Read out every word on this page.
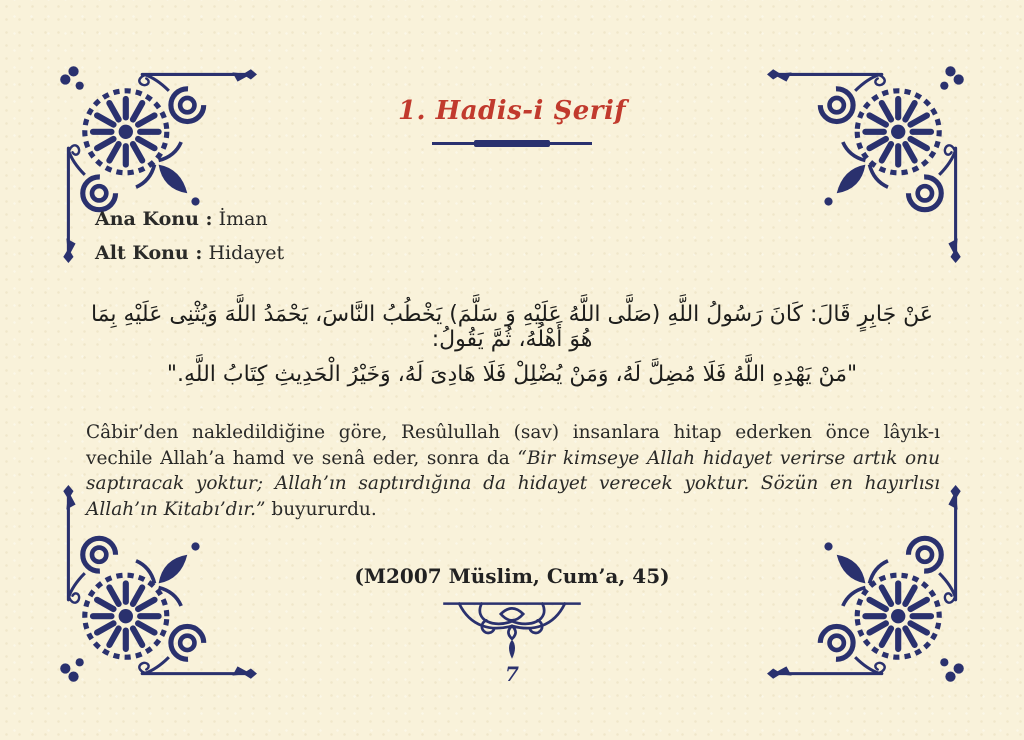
1. Hadis-i Şerif
Ana Konu : İman
Alt Konu : Hidayet
عَنْ جَابِرٍ قَالَ: كَانَ رَسُولُ اللَّهِ (صَلَّى اللَّهُ عَلَيْهِ وَ سَلَّمَ) يَخْطُبُ النَّاسَ، يَحْمَدُ اللَّهَ وَيُثْنِى عَلَيْهِ بِمَا هُوَ أَهْلُهُ، ثُمَّ يَقُولُ:
"مَنْ يَهْدِهِ اللَّهُ فَلَا مُضِلَّ لَهُ، وَمَنْ يُضْلِلْ فَلَا هَادِىَ لَهُ، وَخَيْرُ الْحَدِيثِ كِتَابُ اللَّهِ."

Câbir’den nakledildiğine göre, Resûlullah (sav) insanlara hitap ederken önce lâyık-ı vechile Allah’a hamd ve senâ eder, sonra da “Bir kimseye Allah hidayet verirse artık onu saptıracak yoktur; Allah’ın saptırdığına da hidayet verecek yoktur. Sözün en hayırlısı Allah’ın Kitabı’dır.” buyururdu.

(M2007 Müslim, Cum’a, 45)
7
